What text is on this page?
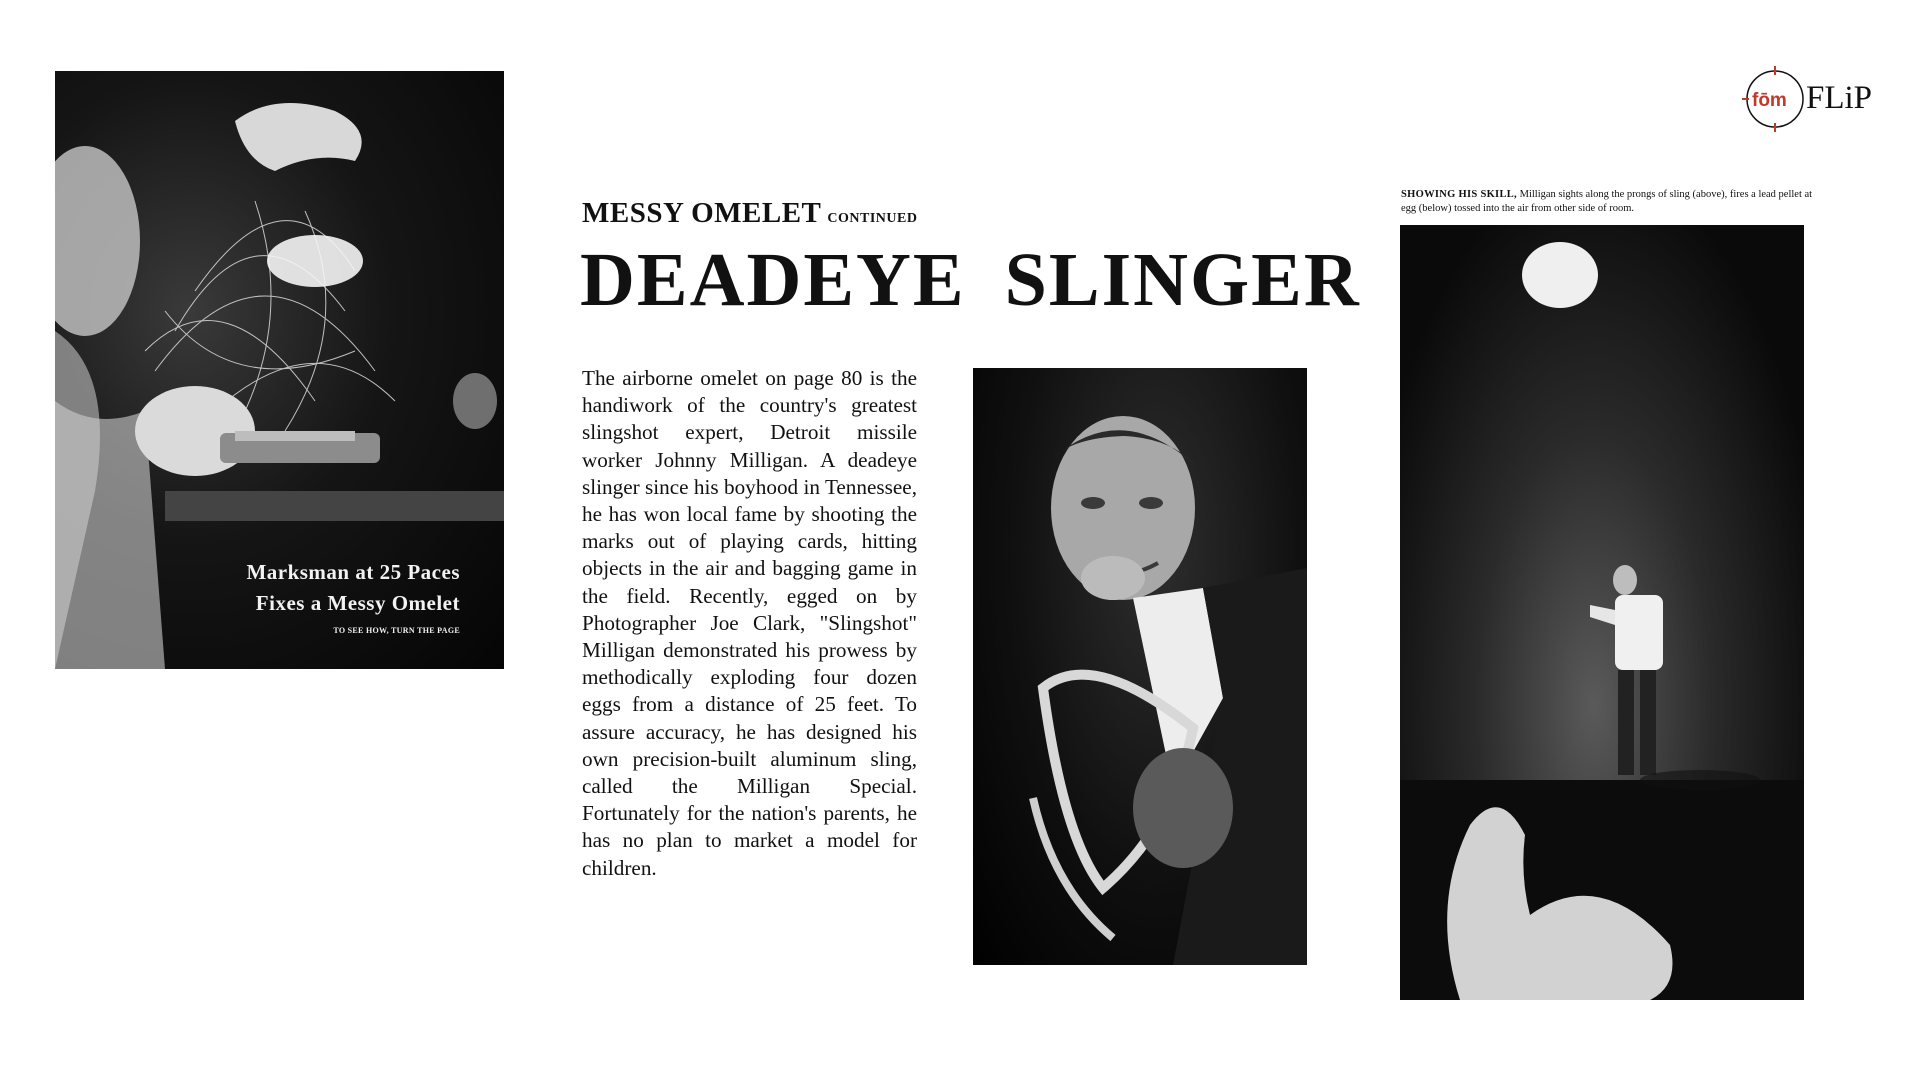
Marksman at 25 Paces
Fixes a Messy Omelet
TO SEE HOW, TURN THE PAGE
fōm FLiP
MESSY OMELET CONTINUED
DEADEYE SLINGER
The airborne omelet on page 80 is the handiwork of the country's greatest slingshot expert, Detroit missile worker Johnny Milligan. A deadeye slinger since his boyhood in Tennessee, he has won local fame by shooting the marks out of playing cards, hitting objects in the air and bagging game in the field. Recently, egged on by Photographer Joe Clark, "Slingshot" Milligan demonstrated his prowess by methodically exploding four dozen eggs from a distance of 25 feet. To assure accuracy, he has designed his own precision-built aluminum sling, called the Milligan Special. Fortunately for the nation's parents, he has no plan to market a model for children.
SHOWING HIS SKILL, Milligan sights along the prongs of sling (above), fires a lead pellet at egg (below) tossed into the air from other side of room.
